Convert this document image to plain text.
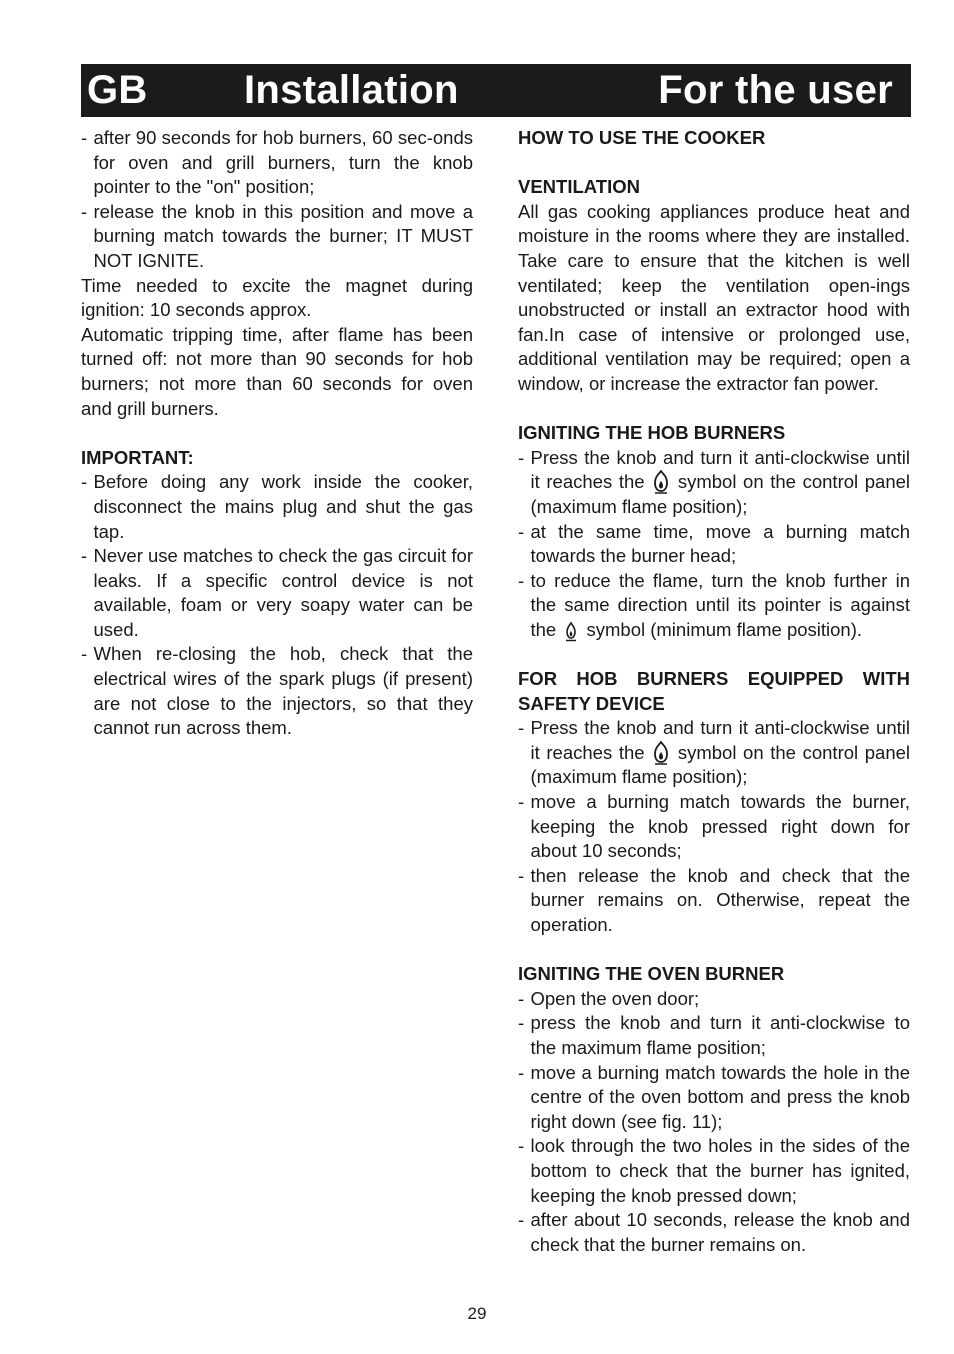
GB Installation	For the user
- after 90 seconds for hob burners, 60 sec-onds for oven and grill burners, turn the knob pointer to the "on" position;
- release the knob in this position and move a burning match towards the burner; IT MUST NOT IGNITE.

Time needed to excite the magnet during ignition: 10 seconds approx.

Automatic tripping time, after flame has been turned off: not more than 90 seconds for hob burners; not more than 60 seconds for oven and grill burners.

IMPORTANT:

- Before doing any work inside the cooker, disconnect the mains plug and shut the gas tap.
- Never use matches to check the gas circuit for leaks. If a specific control device is not available, foam or very soapy water can be used.
- When re-closing the hob, check that the electrical wires of the spark plugs (if present) are not close to the injectors, so that they cannot run across them.

HOW TO USE THE COOKER

VENTILATION

All gas cooking appliances produce heat and moisture in the rooms where they are installed. Take care to ensure that the kitchen is well ventilated; keep the ventilation open-ings unobstructed or install an extractor hood with fan.In case of intensive or prolonged use, additional ventilation may be required; open a window, or increase the extractor fan power.

IGNITING THE HOB BURNERS

- Press the knob and turn it anti-clockwise until it reaches the symbol on the control panel (maximum flame position);
- at the same time, move a burning match towards the burner head;
- to reduce the flame, turn the knob further in the same direction until its pointer is against the symbol (minimum flame position).

FOR HOB BURNERS EQUIPPED WITH SAFETY DEVICE

- Press the knob and turn it anti-clockwise until it reaches the symbol on the control panel (maximum flame position);
- move a burning match towards the burner, keeping the knob pressed right down for about 10 seconds;
- then release the knob and check that the burner remains on. Otherwise, repeat the operation.

IGNITING THE OVEN BURNER

- Open the oven door;
- press the knob and turn it anti-clockwise to the maximum flame position;
- move a burning match towards the hole in the centre of the oven bottom and press the knob right down (see fig. 11);
- look through the two holes in the sides of the bottom to check that the burner has ignited, keeping the knob pressed down;
- after about 10 seconds, release the knob and check that the burner remains on.
29
